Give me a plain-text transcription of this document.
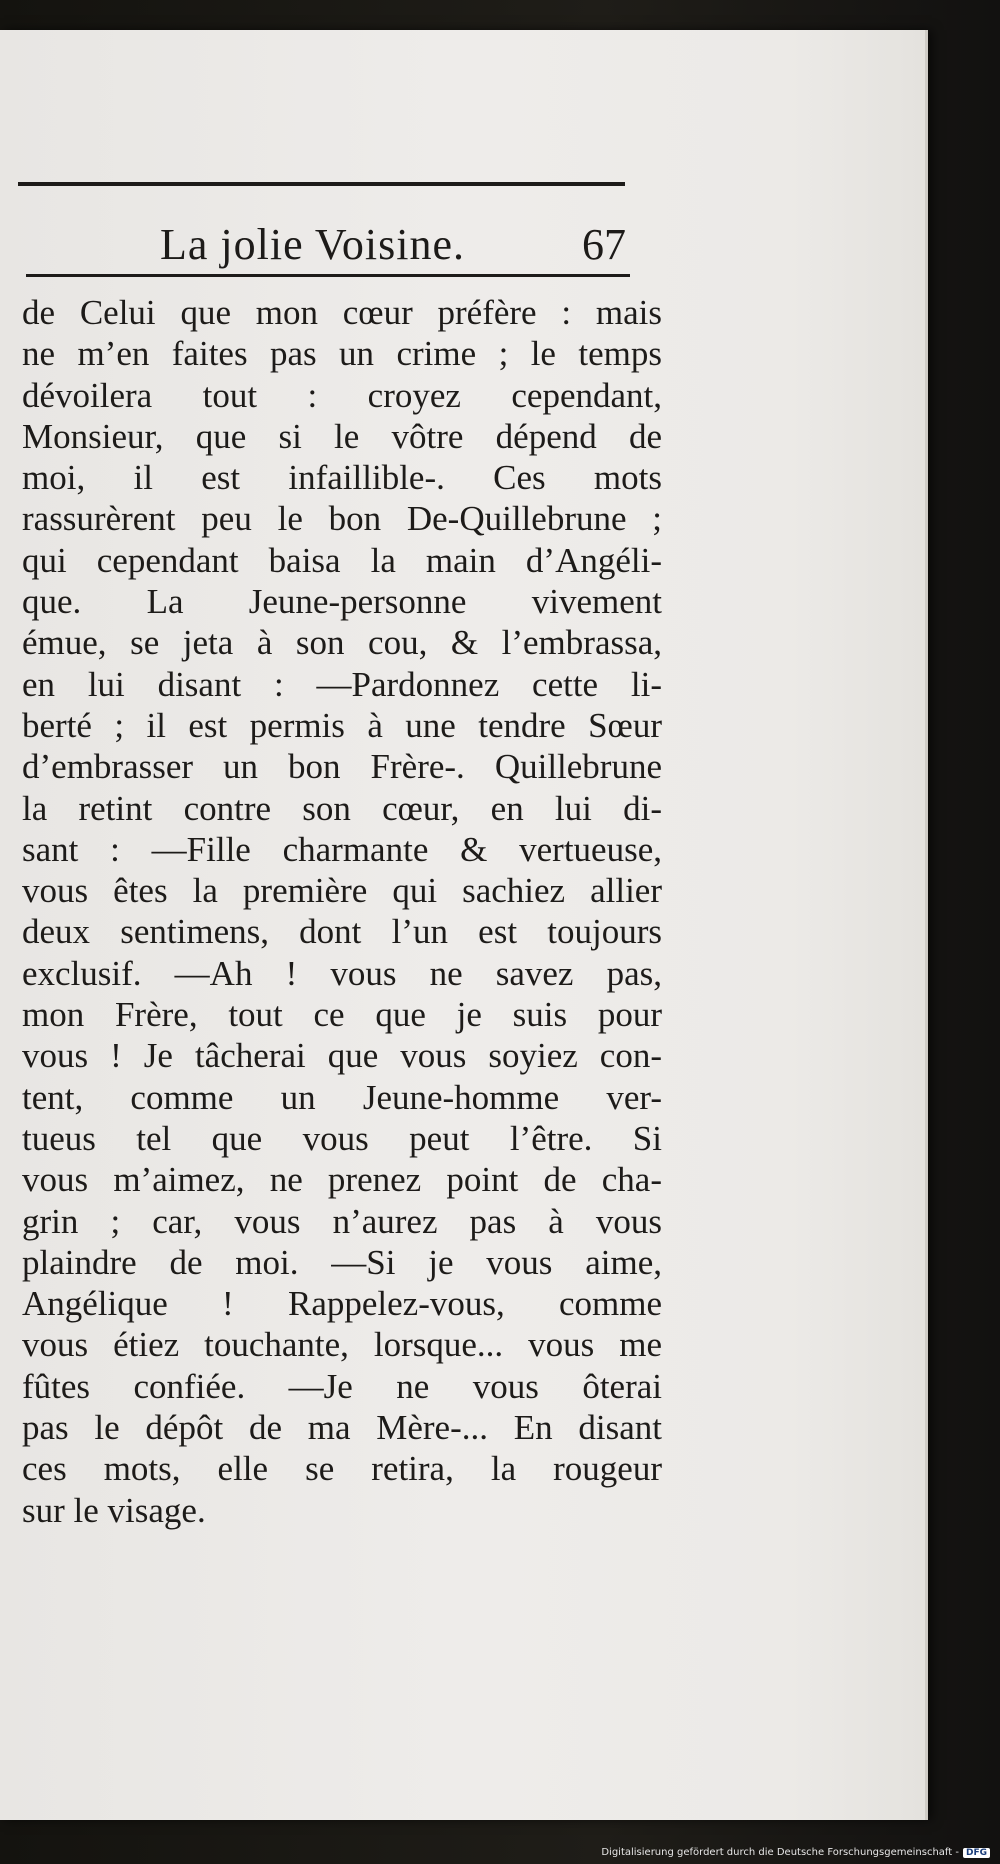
La jolie Voisine.	67
de Celui que mon cœur préfère : mais
ne m’en faites pas un crime ; le temps
dévoilera tout : croyez cependant,
Monsieur, que si le vôtre dépend de
moi, il est infaillible-. Ces mots
rassurèrent peu le bon De-Quillebrune ;
qui cependant baisa la main d’Angéli-
que. La Jeune-personne vivement
émue, se jeta à son cou, & l’embrassa,
en lui disant : —Pardonnez cette li-
berté ; il est permis à une tendre Sœur
d’embrasser un bon Frère-. Quillebrune
la retint contre son cœur, en lui di-
sant : —Fille charmante & vertueuse,
vous êtes la première qui sachiez allier
deux sentimens, dont l’un est toujours
exclusif. —Ah ! vous ne savez pas,
mon Frère, tout ce que je suis pour
vous ! Je tâcherai que vous soyiez con-
tent, comme un Jeune-homme ver-
tueus tel que vous peut l’être. Si
vous m’aimez, ne prenez point de cha-
grin ; car, vous n’aurez pas à vous
plaindre de moi. —Si je vous aime,
Angélique ! Rappelez-vous, comme
vous étiez touchante, lorsque... vous me
fûtes confiée. —Je ne vous ôterai
pas le dépôt de ma Mère-... En disant
ces mots, elle se retira, la rougeur
sur le visage.
Digitalisierung gefördert durch die Deutsche Forschungsgemeinschaft - DFG
